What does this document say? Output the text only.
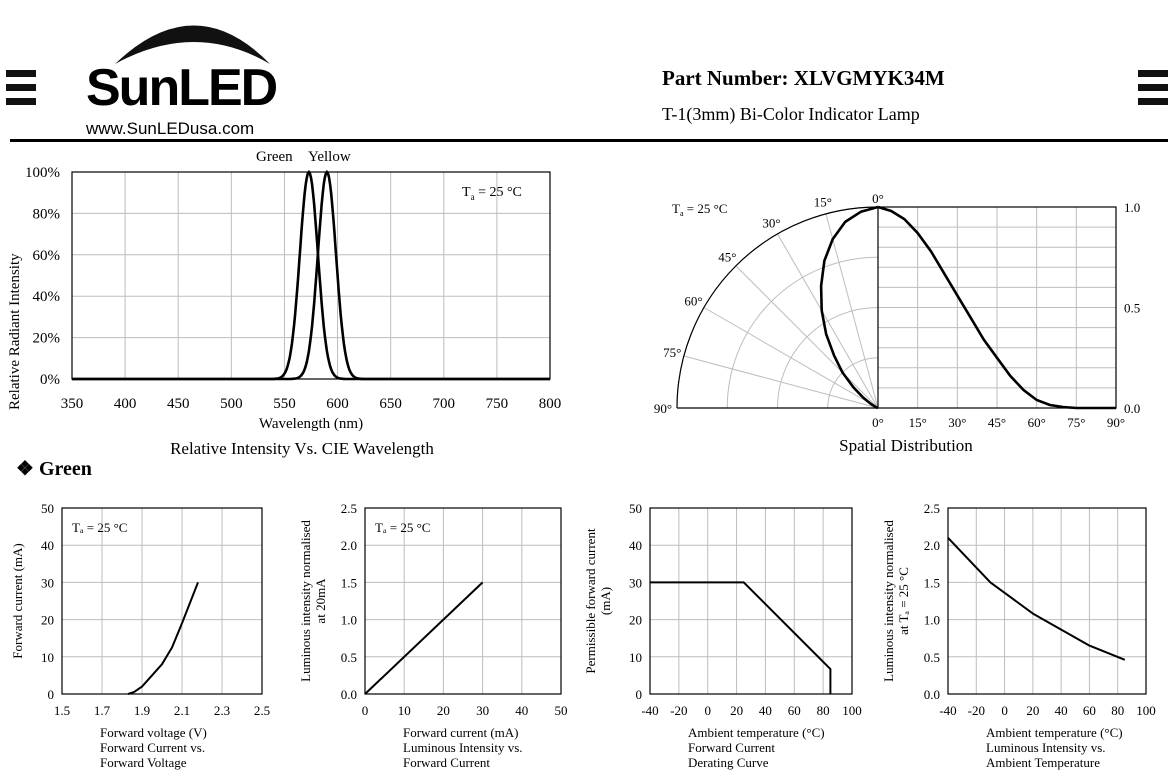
SunLED
www.SunLEDusa.com
Part Number: XLVGMYK34M
T-1(3mm) Bi-Color Indicator Lamp
350 400 450 500 550 600 650 700 750 800
0%
20%
40%
60%
80%
100%
Green Yellow
$T_a = 25$ °C
Wavelength (nm)
Relative Radiant Intensity
Relative Intensity Vs. CIE Wavelength
0°
15°
30°
45°
60°
75°
90°
0° 15° 30° 45° 60° 75° 90°
0.0
0.5
1.0
$T_a = 25$ °C
Spatial Distribution
❖ Green
1.5 1.7 1.9 2.1 2.3 2.5
0
10
20
30
40
50
Tₐ = 25 °C
Forward voltage (V)
Forward Current vs.
Forward Voltage
Forward current (mA)
0 10 20 30 40 50
0.0
0.5
1.0
1.5
2.0
2.5
Tₐ = 25 °C
Forward current (mA)
Luminous Intensity vs.
Forward Current
Luminous intensity normalised at 20mA
-40 -20 0 20 40 60 80 100
0
10
20
30
40
50
Ambient temperature (°C)
Forward Current
Derating Curve
Permissible forward current (mA)
-40 -20 0 20 40 60 80 100
0.0
0.5
1.0
1.5
2.0
2.5
Ambient temperature (°C)
Luminous Intensity vs.
Ambient Temperature
Luminous intensity normalised at Tₐ = 25 °C
